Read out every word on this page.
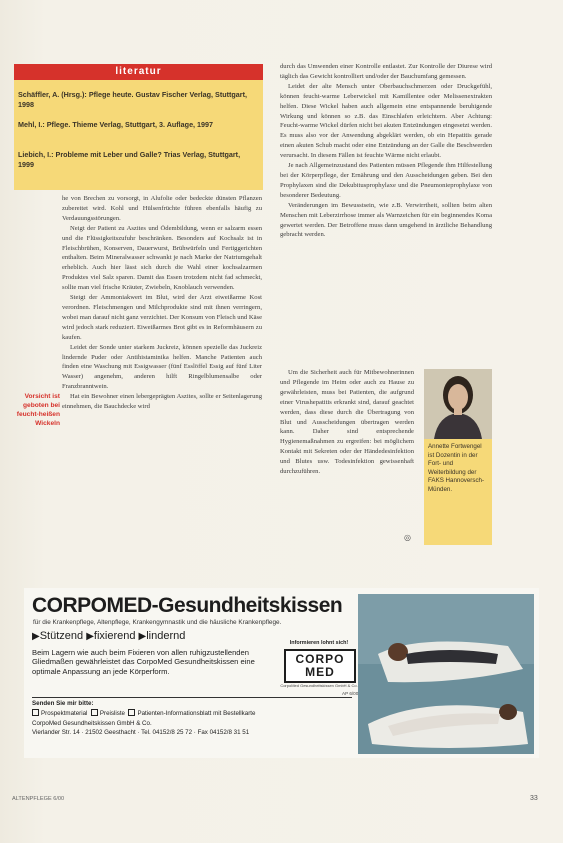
literatur
Schäffler, A. (Hrsg.): Pflege heute. Gustav Fischer Verlag, Stuttgart, 1998
Mehl, I.: Pflege. Thieme Verlag, Stuttgart, 3. Auflage, 1997
Liebich, I.: Probleme mit Leber und Galle? Trias Verlag, Stuttgart, 1999

he von Brechen zu vorsorgt, in Alufolie oder bedeckte dünsten Pflanzen zubereitet wird. Kohl und Hülsenfrüchte führen ebenfalls häufig zu Verdauungsstörungen.

Neigt der Patient zu Aszites und Ödembildung, wenn er salzarm essen und die Flüssigkeitszufuhr beschränken. Besonders auf Kochsalz ist in Fleischbrühen, Konserven, Dauerwurst, Brühwürfeln und Fertiggerichten enthalten. Beim Mineralwasser schwankt je nach Marke der Natriumgehalt erheblich. Auch hier lässt sich durch die Wahl einer kochsalzarmen Produktes viel Salz sparen. Damit das Essen trotzdem nicht fad schmeckt, sollte man viel frische Kräuter, Zwiebeln, Knoblauch verwenden.

Steigt der Ammoniakwert im Blut, wird der Arzt eiweißarme Kost verordnen. Fleischmengen und Milchprodukte sind mit ihnen verringern, wobei man darauf nicht ganz verzichtet. Der Konsum von Fleisch und Käse wird jedoch stark reduziert. Eiweißarmes Brot gibt es in Reformhäusern zu kaufen.

Leidet der Sonde unter starkem Juckreiz, können spezielle das Juckreiz lindernde Puder oder Antihistaminika helfen. Manche Patienten auch finden eine Waschung mit Essigwasser (fünf Esslöffel Essig auf fünf Liter Wasser) angenehm, anderen hilft Ringelblumensalbe oder Franzbranntwein.

Hat ein Bewohner einen lebergeprägten Aszites, sollte er Seitenlagerung einnehmen, die Bauchdecke wird

Vorsicht ist geboten bei feucht-heißen Wickeln

durch das Umwenden einer Kontrolle entlastet. Zur Kontrolle der Diurese wird täglich das Gewicht kontrolliert und/oder der Bauchumfang gemessen.

Leidet der alte Mensch unter Oberbauchschmerzen oder Druckgefühl, können feucht-warme Leberwickel mit Kamillentee oder Melissenextrakten helfen. Diese Wickel haben auch allgemein eine entspannende beruhigende Wirkung und können so z.B. das Einschlafen erleichtern. Aber Achtung: Feucht-warme Wickel dürfen nicht bei akuten Entzündungen eingesetzt werden. Es muss also vor der Anwendung abgeklärt werden, ob ein Hepatitis gerade einen akuten Schub macht oder eine Entzündung an der Galle die Beschwerden verursacht. In diesem Fällen ist feuchte Wärme nicht erlaubt.

Je nach Allgemeinzustand des Patienten müssen Pflegende ihm Hilfestellung bei der Körperpflege, der Ernährung und den Ausscheidungen geben. Bei den Prophylaxen sind die Dekubitusprophylaxe und die Pneumonieprophylaxe von besonderer Bedeutung.

Veränderungen im Bewusstsein, wie z.B. Verwirrtheit, sollten beim alten Menschen mit Leberzirrhose immer als Warnzeichen für ein beginnendes Koma gewertet werden. Der Betroffene muss dann umgehend in ärztliche Behandlung gebracht werden.

Um die Sicherheit auch für Mitbewohnerinnen und Pflegende im Heim oder auch zu Hause zu gewährleisten, muss bei Patienten, die aufgrund einer Virushepatitis erkrankt sind, darauf geachtet werden, dass diese durch die Übertragung von Blut und Ausscheidungen übertragen werden kann. Daher sind entsprechende Hygienemaßnahmen zu ergreifen: bei möglichem Kontakt mit Sekreten oder der Händedesinfektion und Blutes usw. Todesinfektion gewissenhaft durchzuführen.

Annette Fortwengel ist Dozentin in der Fort- und Weiterbildung der FAKS Hannoversch-Münden.
◎
CORPOMED-Gesundheitskissen
für die Krankenpflege, Altenpflege, Krankengymnastik und die häusliche Krankenpflege.
▶Stützend ▶fixierend ▶lindernd
Beim Lagern wie auch beim Fixieren von allen ruhigzustellenden Gliedmaßen gewährleistet das CorpoMed Gesundheitskissen eine optimale Anpassung an jede Körperform.
Informieren lohnt sich!
CORPO
MED
CorpoMed Gesundheitskissen GmbH & Co.
AP 6/00
Senden Sie mir bitte:
Prospektmaterial Preisliste Patienten-Informationsblatt mit Bestellkarte
CorpoMed Gesundheitskissen GmbH & Co.
Vierlander Str. 14 · 21502 Geesthacht · Tel. 04152/8 25 72 · Fax 04152/8 31 51
ALTENPFLEGE 6/00	33
